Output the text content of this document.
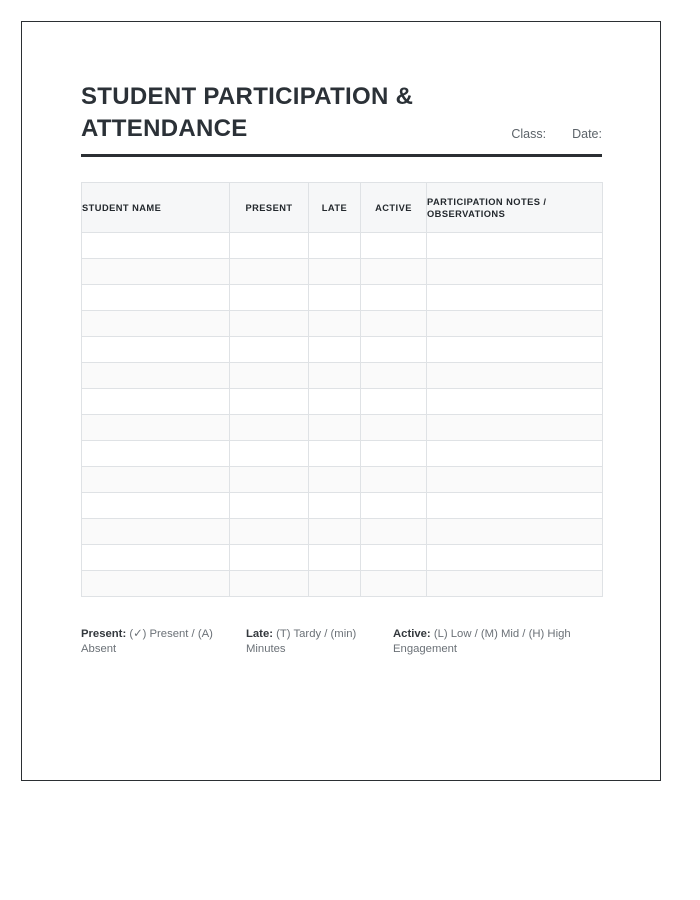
STUDENT PARTICIPATION & ATTENDANCE	Class: Date:
STUDENT NAME	PRESENT	LATE	ACTIVE	PARTICIPATION NOTES / OBSERVATIONS

Present: (✓) Present / (A) Absent
Late: (T) Tardy / (min) Minutes
Active: (L) Low / (M) Mid / (H) High Engagement
